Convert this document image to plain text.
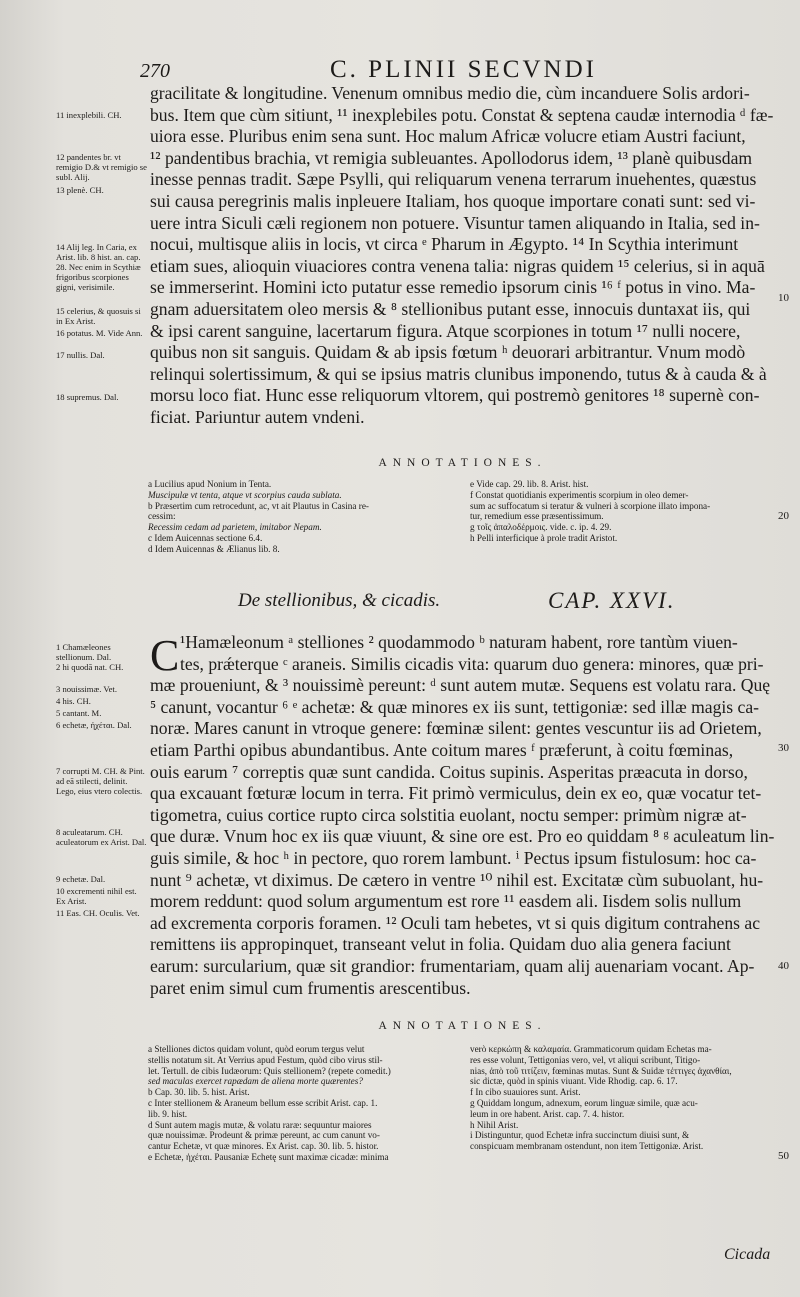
270	C. PLINII SECVNDI
11 inexplebili. CH.
12 pandentes br. vt remigio D.& vt remigio se subl. Alij.
13 plenè. CH.
14 Alij leg. In Caria, ex Arist. lib. 8 hist. an. cap. 28. Nec enim in Scythiæ frigoribus scorpiones gigni, verisimile.
15 celerius, & quosuis si in Ex Arist.
16 potatus. M. Vide Ann.
17 nullis. Dal.
18 supremus. Dal.
gracilitate & longitudine. Venenum omnibus medio die, cùm incanduere Solis ardori-
bus. Item que cùm sitiunt, ¹¹ inexplebiles potu. Constat & septena caudæ internodia ᵈ fæ-
uiora esse. Pluribus enim sena sunt. Hoc malum Africæ volucre etiam Austri faciunt,
¹² pandentibus brachia, vt remigia subleuantes. Apollodorus idem, ¹³ planè quibusdam
inesse pennas tradit. Sæpe Psylli, qui reliquarum venena terrarum inuehentes, quæstus
sui causa peregrinis malis inpleuere Italiam, hos quoque importare conati sunt: sed vi-
uere intra Siculi cæli regionem non potuere. Visuntur tamen aliquando in Italia, sed in-
nocui, multisque aliis in locis, vt circa ᵉ Pharum in Ægypto. ¹⁴ In Scythia interimunt
etiam sues, alioquin viuaciores contra venena talia: nigras quidem ¹⁵ celerius, si in aquā
se immerserint. Homini icto putatur esse remedio ipsorum cinis ¹⁶ ᶠ potus in vino. Ma-
gnam aduersitatem oleo mersis & ⁸ stellionibus putant esse, innocuis duntaxat iis, qui
& ipsi carent sanguine, lacertarum figura. Atque scorpiones in totum ¹⁷ nulli nocere,
quibus non sit sanguis. Quidam & ab ipsis fœtum ʰ deuorari arbitrantur. Vnum modò
relinqui solertissimum, & qui se ipsius matris clunibus imponendo, tutus & à cauda & à
morsu loco fiat. Hunc esse reliquorum vltorem, qui postremò genitores ¹⁸ supernè con-
ficiat. Pariuntur autem vndeni.
10
ANNOTATIONES.
a Lucilius apud Nonium in Tenta.
Muscipulæ vt tenta, atque vt scorpius cauda sublata.
b Præsertim cum retrocedunt, ac, vt ait Plautus in Casina re-
cessim:
Recessim cedam ad parietem, imitabor Nepam.
c Idem Auicennas sectione 6.4.
d Idem Auicennas & Ælianus lib. 8.
e Vide cap. 29. lib. 8. Arist. hist.
f Constat quotidianis experimentis scorpium in oleo demer-
sum ac suffocatum si teratur & vulneri à scorpione illato impona-
tur, remedium esse præsentissimum.
g τοῖς ἀπαλοδέρμοις. vide. c. ip. 4. 29.
h Pelli interficique à prole tradit Aristot.
20
De stellionibus, & cicadis.	CAP. XXVI.
1 Chamæleones stellionum. Dal.
2 hi quodā nat. CH.
3 nouissimæ. Vet.
4 his. CH.
5 cantant. M.
6 echetæ, ἠχέται. Dal.
7 corrupti M. CH. & Pint. ad eā stilecti, delinit. Lego, eius vtero colectis.
8 aculeatarum. CH. aculeatorum ex Arist. Dal.
9 echetæ. Dal.
10 excrementi nihil est. Ex Arist.
11 Eas. CH. Oculis. Vet.
C ¹Hamæleonum ᵃ stelliones ² quodammodo ᵇ naturam habent, rore tantùm viuen-
tes, prǽterque ᶜ araneis. Similis cicadis vita: quarum duo genera: minores, quæ pri-
mæ proueniunt, & ³ nouissimè pereunt: ᵈ sunt autem mutæ. Sequens est volatu rara. Quę
⁵ canunt, vocantur ⁶ ᵉ achetæ: & quæ minores ex iis sunt, tettigoniæ: sed illæ magis ca-
noræ. Mares canunt in vtroque genere: fœminæ silent: gentes vescuntur iis ad Orietem,
etiam Parthi opibus abundantibus. Ante coitum mares ᶠ præferunt, à coitu fœminas,
ouis earum ⁷ correptis quæ sunt candida. Coitus supinis. Asperitas præacuta in dorso,
qua excauant fœturæ locum in terra. Fit primò vermiculus, dein ex eo, quæ vocatur tet-
tigometra, cuius cortice rupto circa solstitia euolant, noctu semper: primùm nigræ at-
que duræ. Vnum hoc ex iis quæ viuunt, & sine ore est. Pro eo quiddam ⁸ ᵍ aculeatum lin-
guis simile, & hoc ʰ in pectore, quo rorem lambunt. ⁱ Pectus ipsum fistulosum: hoc ca-
nunt ⁹ achetæ, vt diximus. De cætero in ventre ¹⁰ nihil est. Excitatæ cùm subuolant, hu-
morem reddunt: quod solum argumentum est rore ¹¹ easdem ali. Iisdem solis nullum
ad excrementa corporis foramen. ¹² Oculi tam hebetes, vt si quis digitum contrahens ac
remittens iis appropinquet, transeant velut in folia. Quidam duo alia genera faciunt
earum: surcularium, quæ sit grandior: frumentariam, quam alij auenariam vocant. Ap-
paret enim simul cum frumentis arescentibus.
30
40
ANNOTATIONES.
a Stelliones dictos quidam volunt, quòd eorum tergus velut
stellis notatum sit. At Verrius apud Festum, quòd cibo virus stil-
let. Tertull. de cibis Iudæorum: Quis stellionem? (repete comedit.)
sed maculas exercet rapædam de aliena morte quærentes?
b Cap. 30. lib. 5. hist. Arist.
c Inter stellionem & Araneum bellum esse scribit Arist. cap. 1.
lib. 9. hist.
d Sunt autem magis mutæ, & volatu raræ: sequuntur maiores
quæ nouissimæ. Prodeunt & primæ pereunt, ac cum canunt vo-
cantur Echetæ, vt quæ minores. Ex Arist. cap. 30. lib. 5. histor.
e Echetæ, ἠχέται. Pausaniæ Echetę sunt maximæ cicadæ: minima
verò κερκώπη & καλαμαία. Grammaticorum quidam Echetas ma-
res esse volunt, Tettigonias vero, vel, vt aliqui scribunt, Titigo-
nias, ἀπὸ τοῦ τιτίζειν, fœminas mutas. Sunt & Suidæ τέττιγες ἀχανθίαι,
sic dictæ, quòd in spinis viuant. Vide Rhodig. cap. 6. 17.
f In cibo suauiores sunt. Arist.
g Quiddam longum, adnexum, eorum linguæ simile, quæ acu-
leum in ore habent. Arist. cap. 7. 4. histor.
h Nihil Arist.
i Distinguntur, quod Echetæ infra succinctum diuisi sunt, &
conspicuam membranam ostendunt, non item Tettigoniæ. Arist.
50
Cicada
